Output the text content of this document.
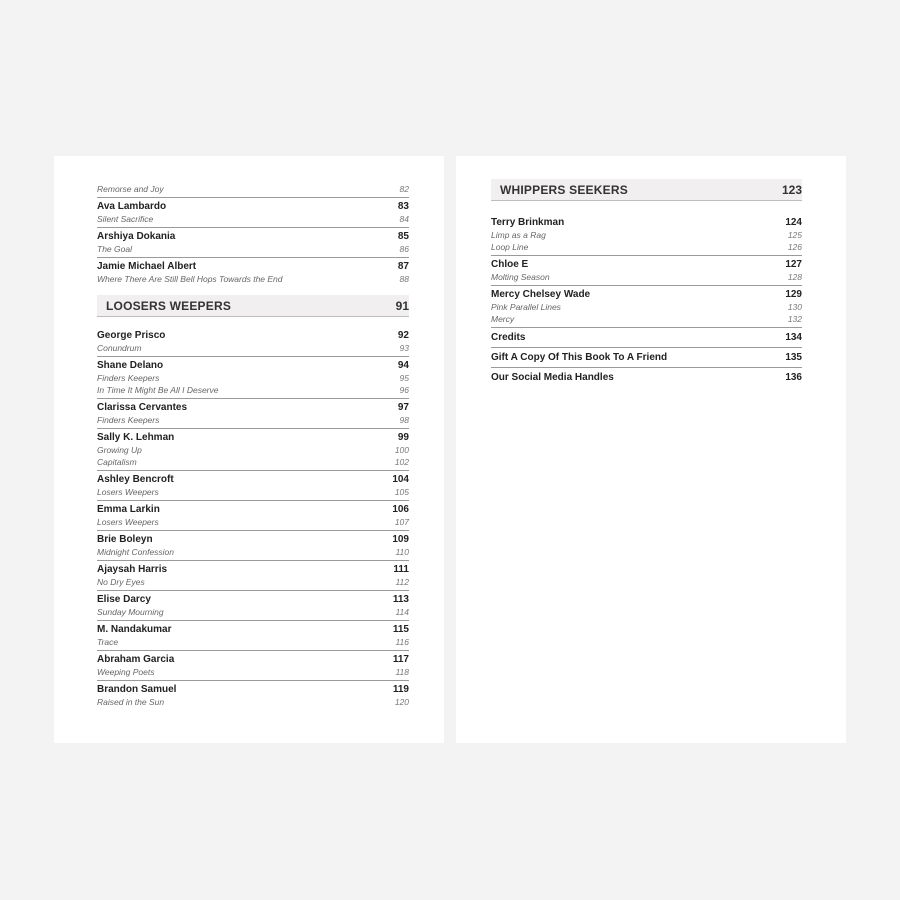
Remorse and Joy	82
Ava Lambardo	83
Silent Sacrifice	84
Arshiya Dokania	85
The Goal	86
Jamie Michael Albert	87
Where There Are Still Bell Hops Towards the End	88
LOOSERS WEEPERS	91
George Prisco	92
Conundrum	93
Shane Delano	94
Finders Keepers	95
In Time It Might Be All I Deserve	96
Clarissa Cervantes	97
Finders Keepers	98
Sally K. Lehman	99
Growing Up	100
Capitalism	102
Ashley Bencroft	104
Losers Weepers	105
Emma Larkin	106
Losers Weepers	107
Brie Boleyn	109
Midnight Confession	110
Ajaysah Harris	111
No Dry Eyes	112
Elise Darcy	113
Sunday Mourning	114
M. Nandakumar	115
Trace	116
Abraham Garcia	117
Weeping Poets	118
Brandon Samuel	119
Raised in the Sun	120
WHIPPERS SEEKERS	123
Terry Brinkman	124
Limp as a Rag	125
Loop Line	126
Chloe E	127
Molting Season	128
Mercy Chelsey Wade	129
Pink Parallel Lines	130
Mercy	132
Credits	134
Gift A Copy Of This Book To A Friend	135
Our Social Media Handles	136
